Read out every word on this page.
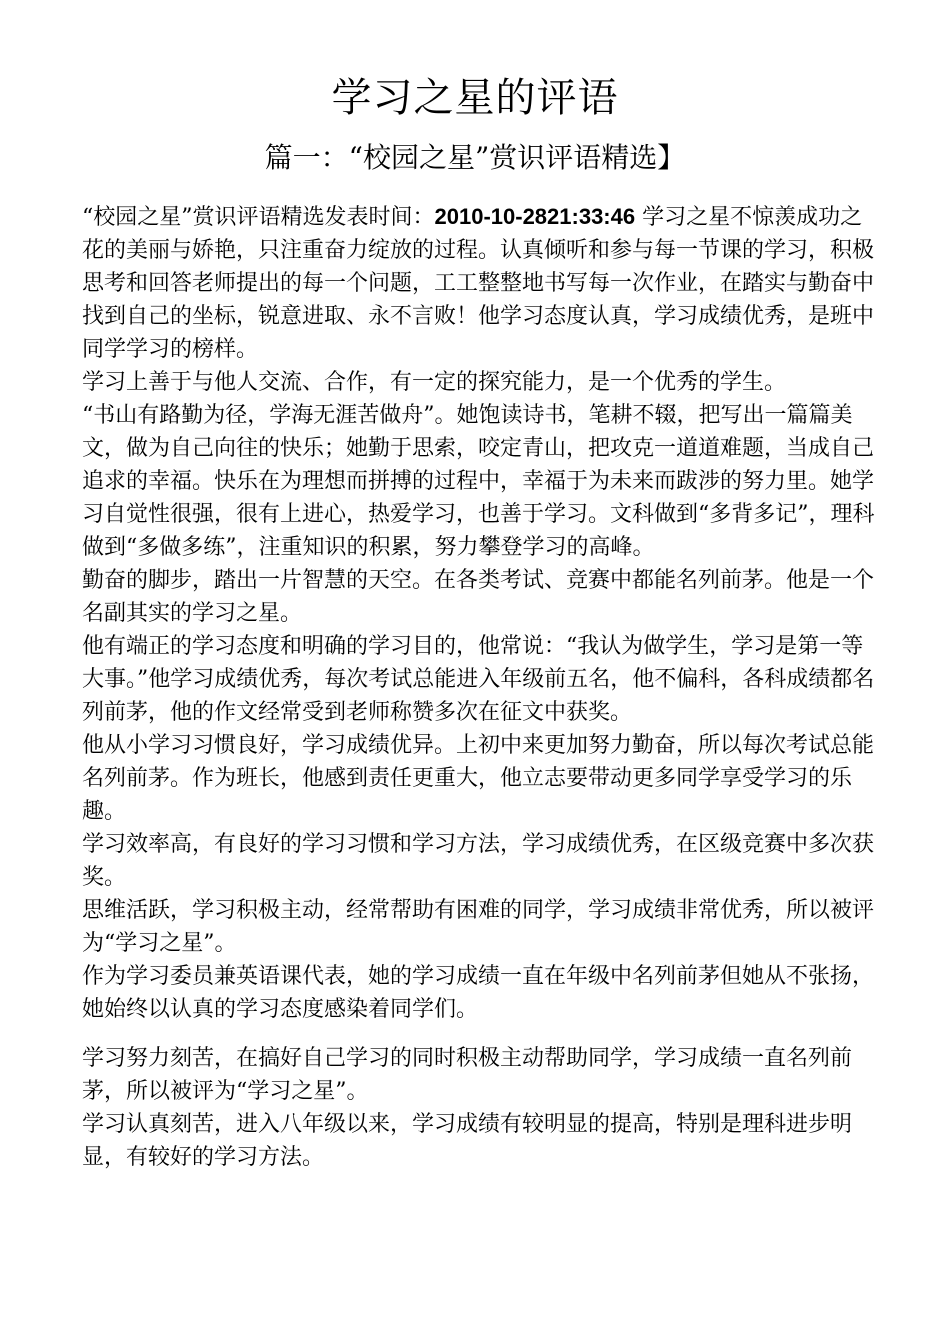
学习之星的评语
篇一：“校园之星”赏识评语精选】

“校园之星”赏识评语精选发表时间：2010-10-2821:33:46 学习之星不惊羡成功之花的美丽与娇艳，只注重奋力绽放的过程。认真倾听和参与每一节课的学习，积极思考和回答老师提出的每一个问题，工工整整地书写每一次作业，在踏实与勤奋中找到自己的坐标，锐意进取、永不言败！他学习态度认真，学习成绩优秀，是班中同学学习的榜样。

学习上善于与他人交流、合作，有一定的探究能力，是一个优秀的学生。

“书山有路勤为径，学海无涯苦做舟”。她饱读诗书，笔耕不辍，把写出一篇篇美文，做为自己向往的快乐；她勤于思索，咬定青山，把攻克一道道难题，当成自己追求的幸福。快乐在为理想而拼搏的过程中，幸福于为未来而跋涉的努力里。她学习自觉性很强，很有上进心，热爱学习，也善于学习。文科做到“多背多记”，理科做到“多做多练”，注重知识的积累，努力攀登学习的高峰。

勤奋的脚步，踏出一片智慧的天空。在各类考试、竞赛中都能名列前茅。他是一个名副其实的学习之星。

他有端正的学习态度和明确的学习目的，他常说：“我认为做学生，学习是第一等大事。”他学习成绩优秀，每次考试总能进入年级前五名，他不偏科，各科成绩都名列前茅，他的作文经常受到老师称赞多次在征文中获奖。

他从小学习习惯良好，学习成绩优异。上初中来更加努力勤奋，所以每次考试总能名列前茅。作为班长，他感到责任更重大，他立志要带动更多同学享受学习的乐趣。

学习效率高，有良好的学习习惯和学习方法，学习成绩优秀，在区级竞赛中多次获奖。

思维活跃，学习积极主动，经常帮助有困难的同学，学习成绩非常优秀，所以被评为“学习之星”。

作为学习委员兼英语课代表，她的学习成绩一直在年级中名列前茅但她从不张扬，她始终以认真的学习态度感染着同学们。

学习努力刻苦，在搞好自己学习的同时积极主动帮助同学，学习成绩一直名列前茅，所以被评为“学习之星”。

学习认真刻苦，进入八年级以来，学习成绩有较明显的提高，特别是理科进步明显，有较好的学习方法。
